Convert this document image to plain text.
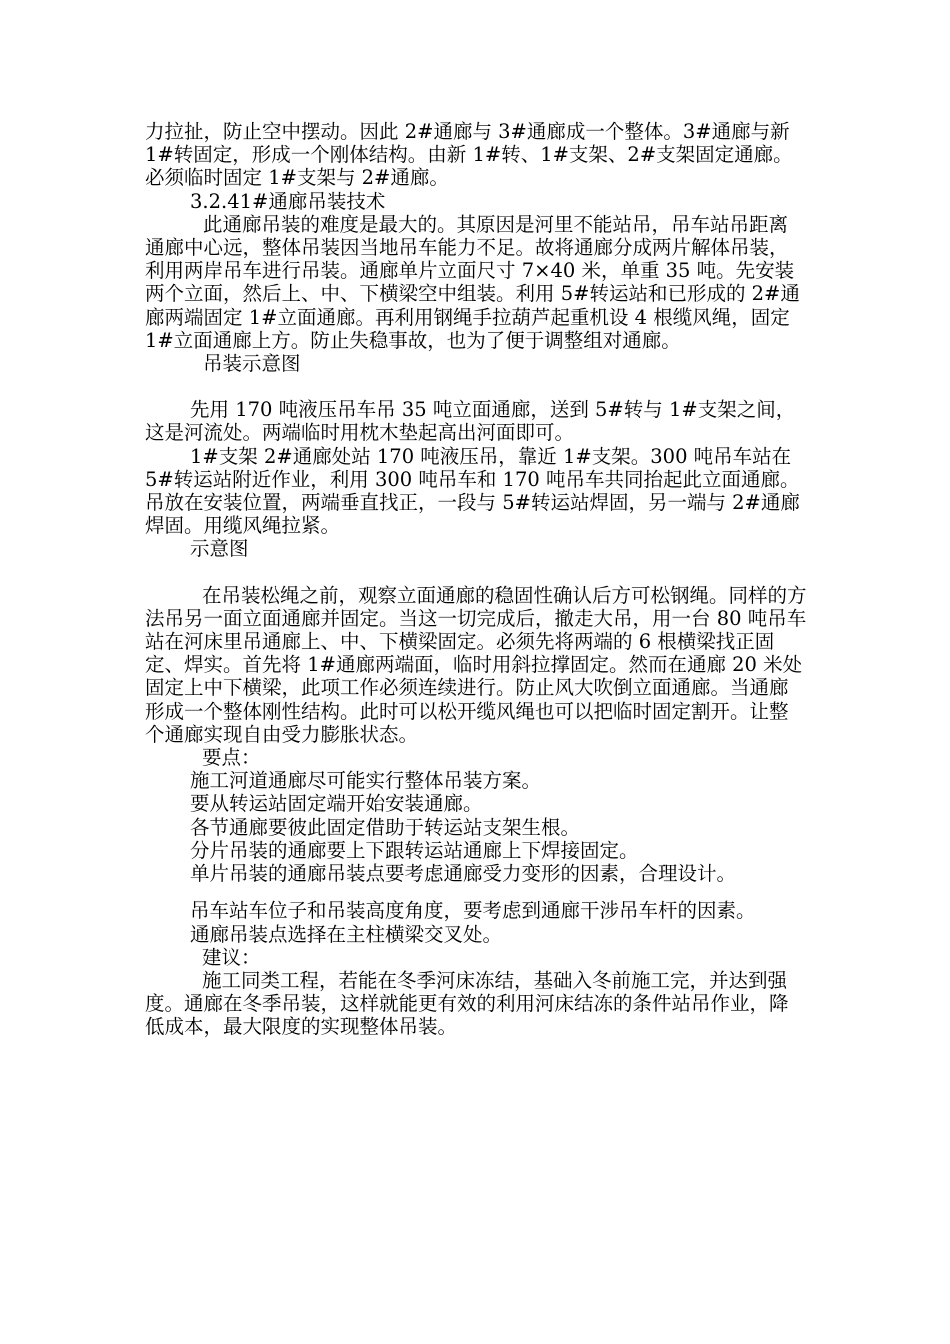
力拉扯，防止空中摆动。因此 2#通廊与 3#通廊成一个整体。3#通廊与新 1#转固定，形成一个刚体结构。由新 1#转、1#支架、2#支架固定通廊。必须临时固定 1#支架与 2#通廊。

3.2.41#通廊吊装技术

此通廊吊装的难度是最大的。其原因是河里不能站吊，吊车站吊距离通廊中心远，整体吊装因当地吊车能力不足。故将通廊分成两片解体吊装，利用两岸吊车进行吊装。通廊单片立面尺寸 7×40 米，单重 35 吨。先安装两个立面，然后上、中、下横梁空中组装。利用 5#转运站和已形成的 2#通廊两端固定 1#立面通廊。再利用钢绳手拉葫芦起重机设 4 根缆风绳，固定 1#立面通廊上方。防止失稳事故，也为了便于调整组对通廊。

吊装示意图

先用 170 吨液压吊车吊 35 吨立面通廊，送到 5#转与 1#支架之间，这是河流处。两端临时用枕木垫起高出河面即可。

1#支架 2#通廊处站 170 吨液压吊，靠近 1#支架。300 吨吊车站在 5#转运站附近作业，利用 300 吨吊车和 170 吨吊车共同抬起此立面通廊。吊放在安装位置，两端垂直找正，一段与 5#转运站焊固，另一端与 2#通廊焊固。用缆风绳拉紧。

示意图

在吊装松绳之前，观察立面通廊的稳固性确认后方可松钢绳。同样的方法吊另一面立面通廊并固定。当这一切完成后，撤走大吊，用一台 80 吨吊车站在河床里吊通廊上、中、下横梁固定。必须先将两端的 6 根横梁找正固定、焊实。首先将 1#通廊两端面，临时用斜拉撑固定。然而在通廊 20 米处固定上中下横梁，此项工作必须连续进行。防止风大吹倒立面通廊。当通廊形成一个整体刚性结构。此时可以松开缆风绳也可以把临时固定割开。让整个通廊实现自由受力膨胀状态。

要点：

施工河道通廊尽可能实行整体吊装方案。

要从转运站固定端开始安装通廊。

各节通廊要彼此固定借助于转运站支架生根。

分片吊装的通廊要上下跟转运站通廊上下焊接固定。

单片吊装的通廊吊装点要考虑通廊受力变形的因素，合理设计。

吊车站车位子和吊装高度角度，要考虑到通廊干涉吊车杆的因素。

通廊吊装点选择在主柱横梁交叉处。

建议：

施工同类工程，若能在冬季河床冻结，基础入冬前施工完，并达到强度。通廊在冬季吊装，这样就能更有效的利用河床结冻的条件站吊作业，降低成本，最大限度的实现整体吊装。
